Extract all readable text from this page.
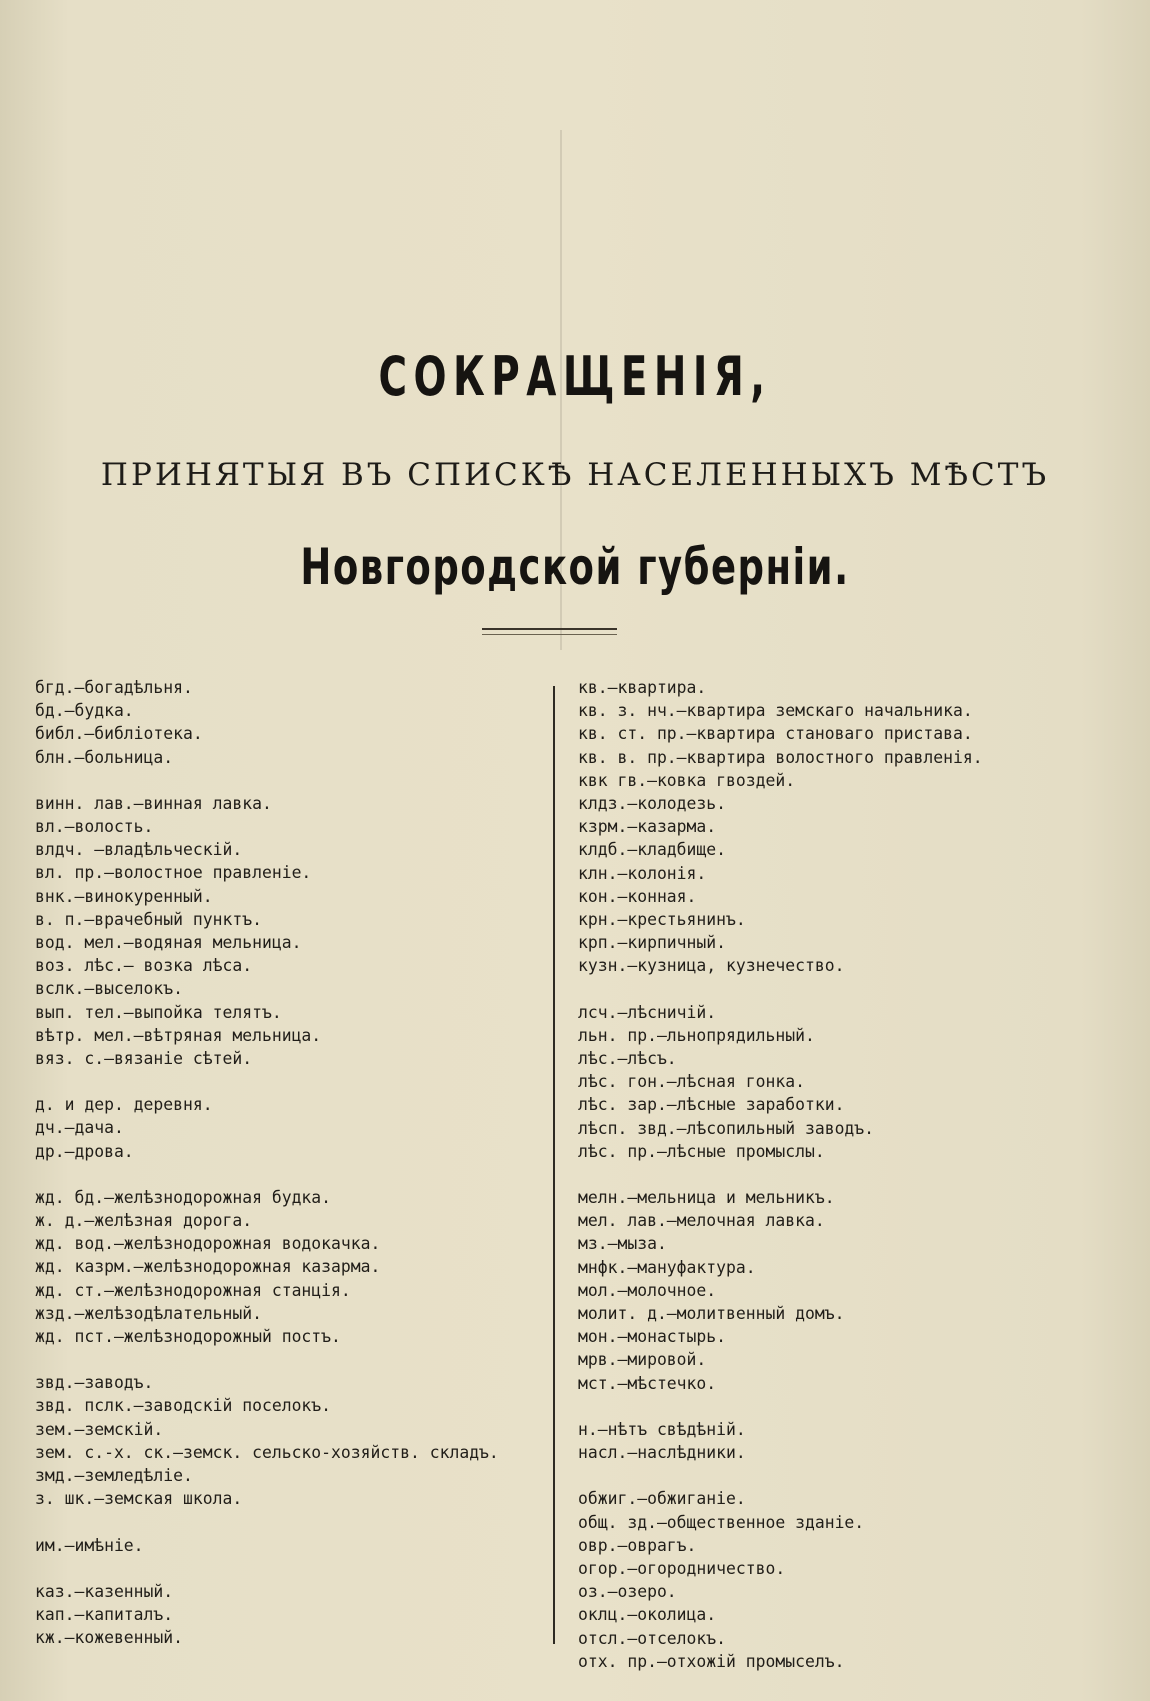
СОКРАЩЕНІЯ,
ПРИНЯТЫЯ ВЪ СПИСКѢ НАСЕЛЕННЫХЪ МѢСТЪ
Новгородской губерніи.
бгд.—богадѣльня.
бд.—будка.
библ.—библіотека.
блн.—больница.
винн. лав.—винная лавка.
вл.—волость.
влдч. —владѣльческій.
вл. пр.—волостное правленіе.
внк.—винокуренный.
в. п.—врачебный пунктъ.
вод. мел.—водяная мельница.
воз. лѣс.— возка лѣса.
вслк.—выселокъ.
вып. тел.—выпойка телятъ.
вѣтр. мел.—вѣтряная мельница.
вяз. с.—вязаніе сѣтей.
д. и дер. деревня.
дч.—дача.
др.—дрова.
жд. бд.—желѣзнодорожная будка.
ж. д.—желѣзная дорога.
жд. вод.—желѣзнодорожная водокачка.
жд. казрм.—желѣзнодорожная казарма.
жд. ст.—желѣзнодорожная станція.
жзд.—желѣзодѣлательный.
жд. пст.—желѣзнодорожный постъ.
звд.—заводъ.
звд. пслк.—заводскій поселокъ.
зем.—земскій.
зем. с.-х. ск.—земск. сельско-хозяйств. складъ.
змд.—земледѣліе.
з. шк.—земская школа.
им.—имѣніе.
каз.—казенный.
кап.—капиталъ.
кж.—кожевенный.
кв.—квартира.
кв. з. нч.—квартира земскаго начальника.
кв. ст. пр.—квартира становаго пристава.
кв. в. пр.—квартира волостного правленія.
квк гв.—ковка гвоздей.
клдз.—колодезь.
кзрм.—казарма.
клдб.—кладбище.
клн.—колонія.
кон.—конная.
крн.—крестьянинъ.
крп.—кирпичный.
кузн.—кузница, кузнечество.
лсч.—лѣсничій.
льн. пр.—льнопрядильный.
лѣс.—лѣсъ.
лѣс. гон.—лѣсная гонка.
лѣс. зар.—лѣсные заработки.
лѣсп. звд.—лѣсопильный заводъ.
лѣс. пр.—лѣсные промыслы.
мелн.—мельница и мельникъ.
мел. лав.—мелочная лавка.
мз.—мыза.
мнфк.—мануфактура.
мол.—молочное.
молит. д.—молитвенный домъ.
мон.—монастырь.
мрв.—мировой.
мст.—мѣстечко.
н.—нѣтъ свѣдѣній.
насл.—наслѣдники.
обжиг.—обжиганіе.
общ. зд.—общественное зданіе.
овр.—оврагъ.
огор.—огородничество.
оз.—озеро.
оклц.—околица.
отсл.—отселокъ.
отх. пр.—отхожій промыселъ.
